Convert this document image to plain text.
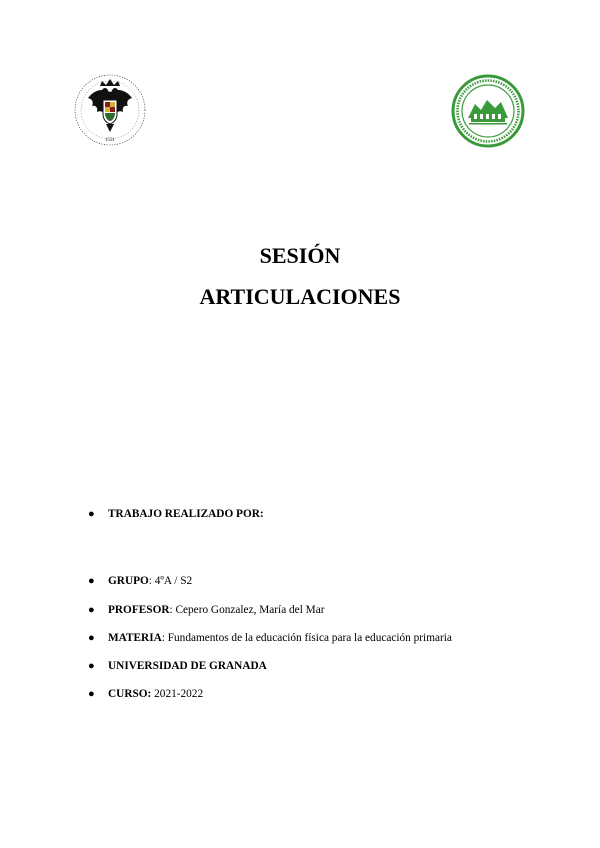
1531
SESIÓN
ARTICULACIONES
● TRABAJO REALIZADO POR:
● GRUPO: 4ºA / S2
● PROFESOR: Cepero Gonzalez, María del Mar
● MATERIA: Fundamentos de la educación física para la educación primaria
● UNIVERSIDAD DE GRANADA
● CURSO: 2021-2022
